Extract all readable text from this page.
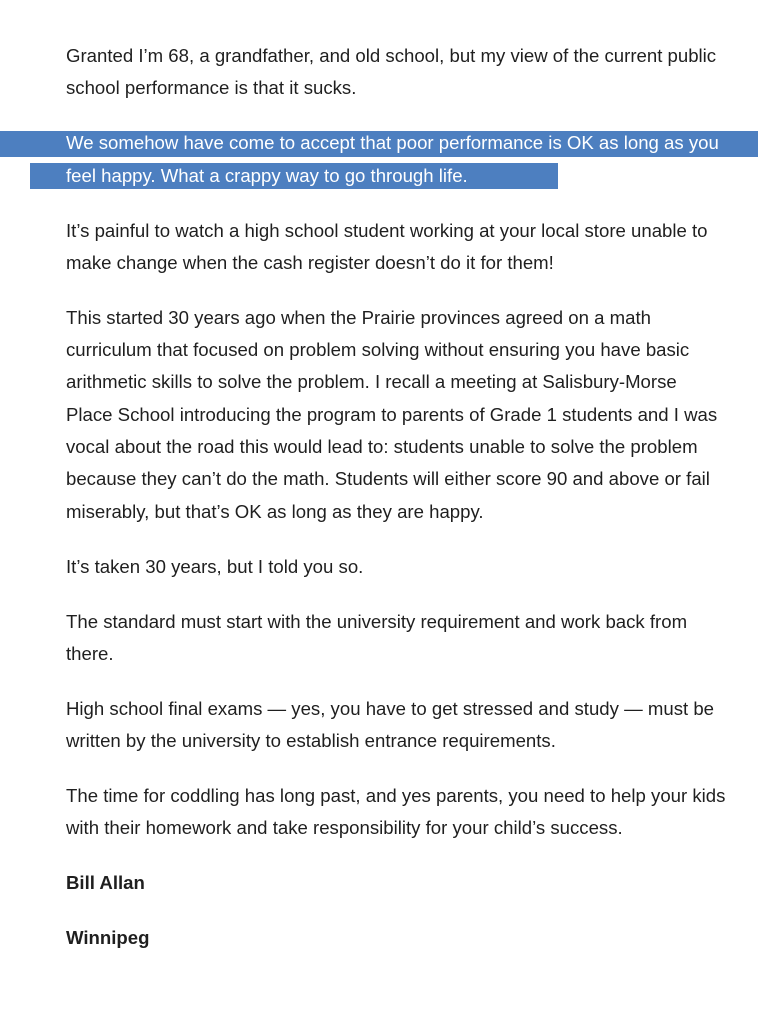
Granted I’m 68, a grandfather, and old school, but my view of the current public school performance is that it sucks.

We somehow have come to accept that poor performance is OK as long as you feel happy. What a crappy way to go through life.

It’s painful to watch a high school student working at your local store unable to make change when the cash register doesn’t do it for them!

This started 30 years ago when the Prairie provinces agreed on a math curriculum that focused on problem solving without ensuring you have basic arithmetic skills to solve the problem. I recall a meeting at Salisbury-Morse Place School introducing the program to parents of Grade 1 students and I was vocal about the road this would lead to: students unable to solve the problem because they can’t do the math. Students will either score 90 and above or fail miserably, but that’s OK as long as they are happy.

It’s taken 30 years, but I told you so.

The standard must start with the university requirement and work back from there.

High school final exams — yes, you have to get stressed and study — must be written by the university to establish entrance requirements.

The time for coddling has long past, and yes parents, you need to help your kids with their homework and take responsibility for your child’s success.

Bill Allan

Winnipeg
